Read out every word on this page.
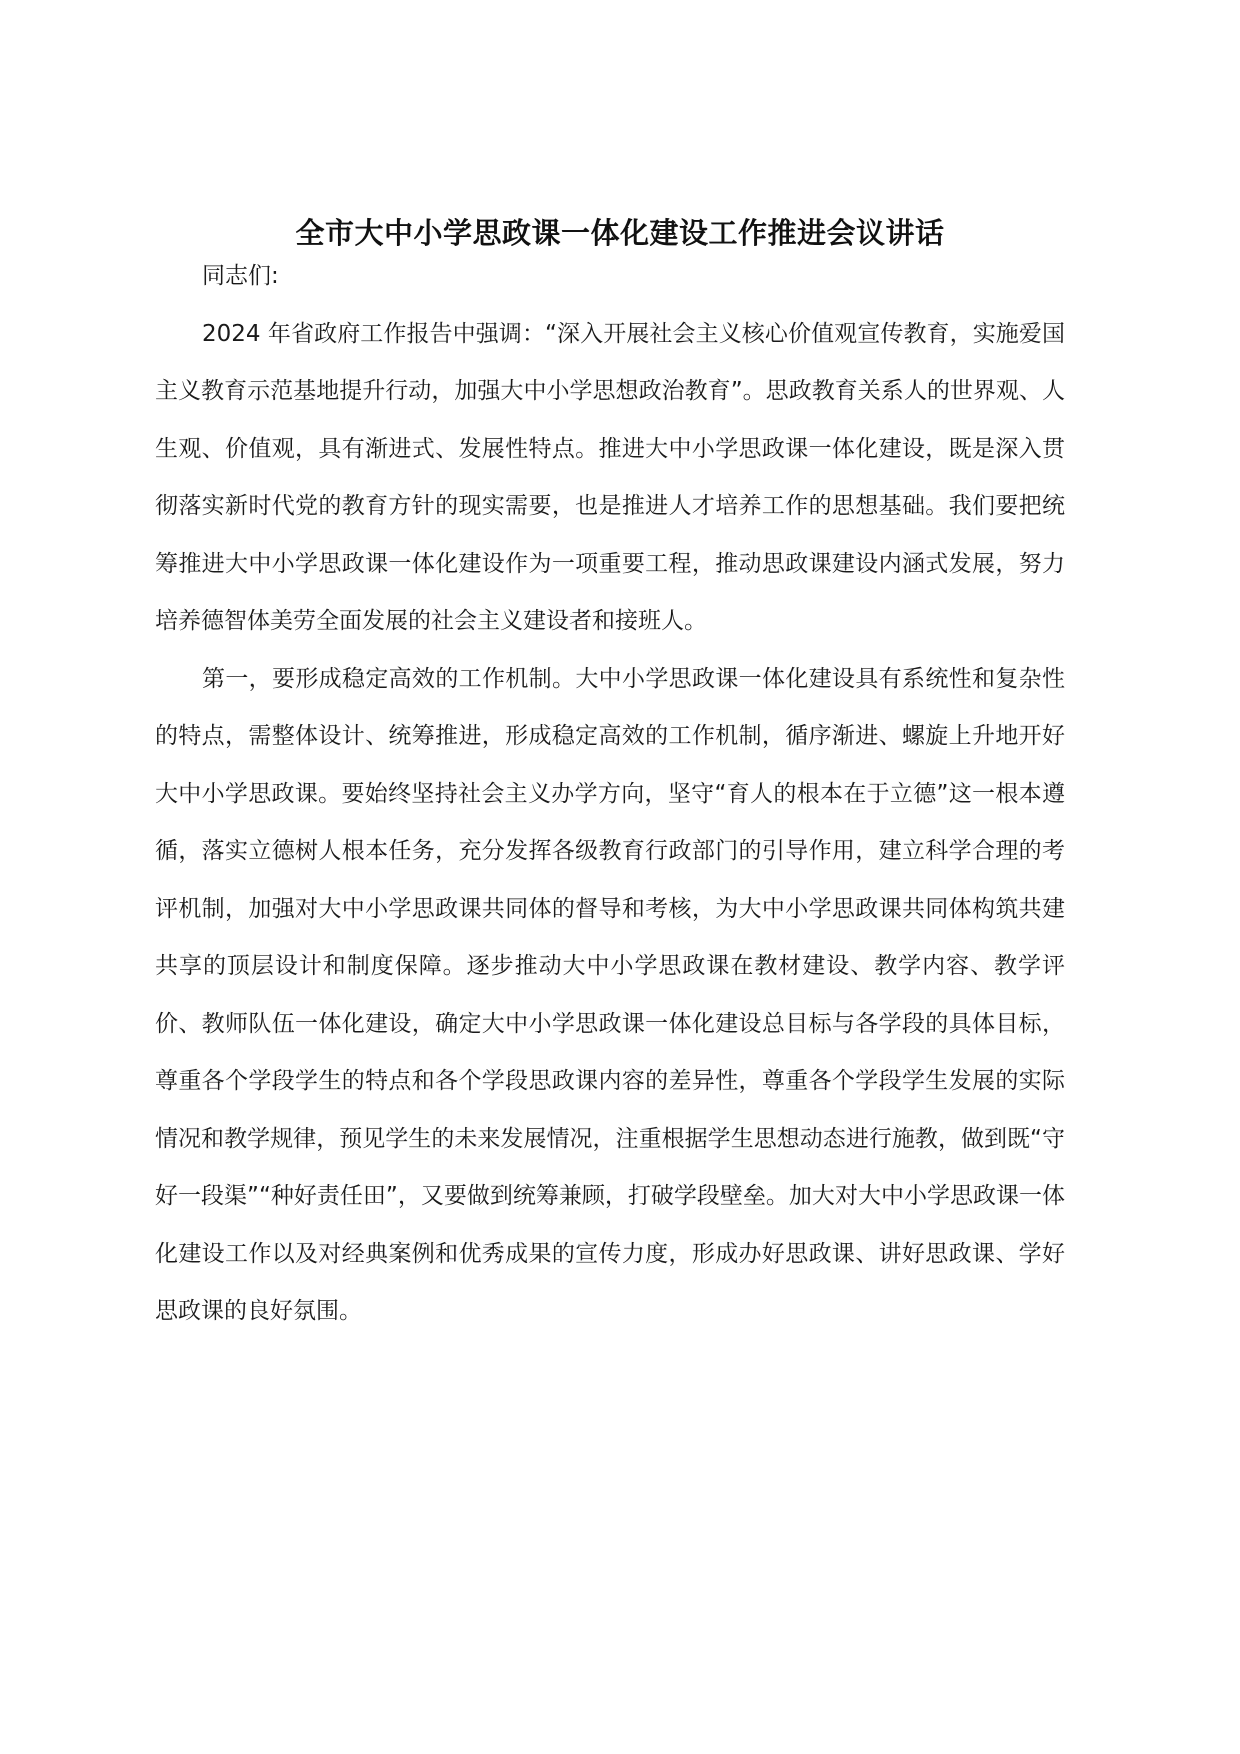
全市大中小学思政课一体化建设工作推进会议讲话

同志们:

2024 年省政府工作报告中强调：“深入开展社会主义核心价值观宣传教育，实施爱国主义教育示范基地提升行动，加强大中小学思想政治教育”。思政教育关系人的世界观、人生观、价值观，具有渐进式、发展性特点。推进大中小学思政课一体化建设，既是深入贯彻落实新时代党的教育方针的现实需要，也是推进人才培养工作的思想基础。我们要把统筹推进大中小学思政课一体化建设作为一项重要工程，推动思政课建设内涵式发展，努力培养德智体美劳全面发展的社会主义建设者和接班人。

第一，要形成稳定高效的工作机制。大中小学思政课一体化建设具有系统性和复杂性的特点，需整体设计、统筹推进，形成稳定高效的工作机制，循序渐进、螺旋上升地开好大中小学思政课。要始终坚持社会主义办学方向，坚守“育人的根本在于立德”这一根本遵循，落实立德树人根本任务，充分发挥各级教育行政部门的引导作用，建立科学合理的考评机制，加强对大中小学思政课共同体的督导和考核，为大中小学思政课共同体构筑共建共享的顶层设计和制度保障。逐步推动大中小学思政课在教材建设、教学内容、教学评价、教师队伍一体化建设，确定大中小学思政课一体化建设总目标与各学段的具体目标，尊重各个学段学生的特点和各个学段思政课内容的差异性，尊重各个学段学生发展的实际情况和教学规律，预见学生的未来发展情况，注重根据学生思想动态进行施教，做到既“守好一段渠”“种好责任田”，又要做到统筹兼顾，打破学段壁垒。加大对大中小学思政课一体化建设工作以及对经典案例和优秀成果的宣传力度，形成办好思政课、讲好思政课、学好思政课的良好氛围。
